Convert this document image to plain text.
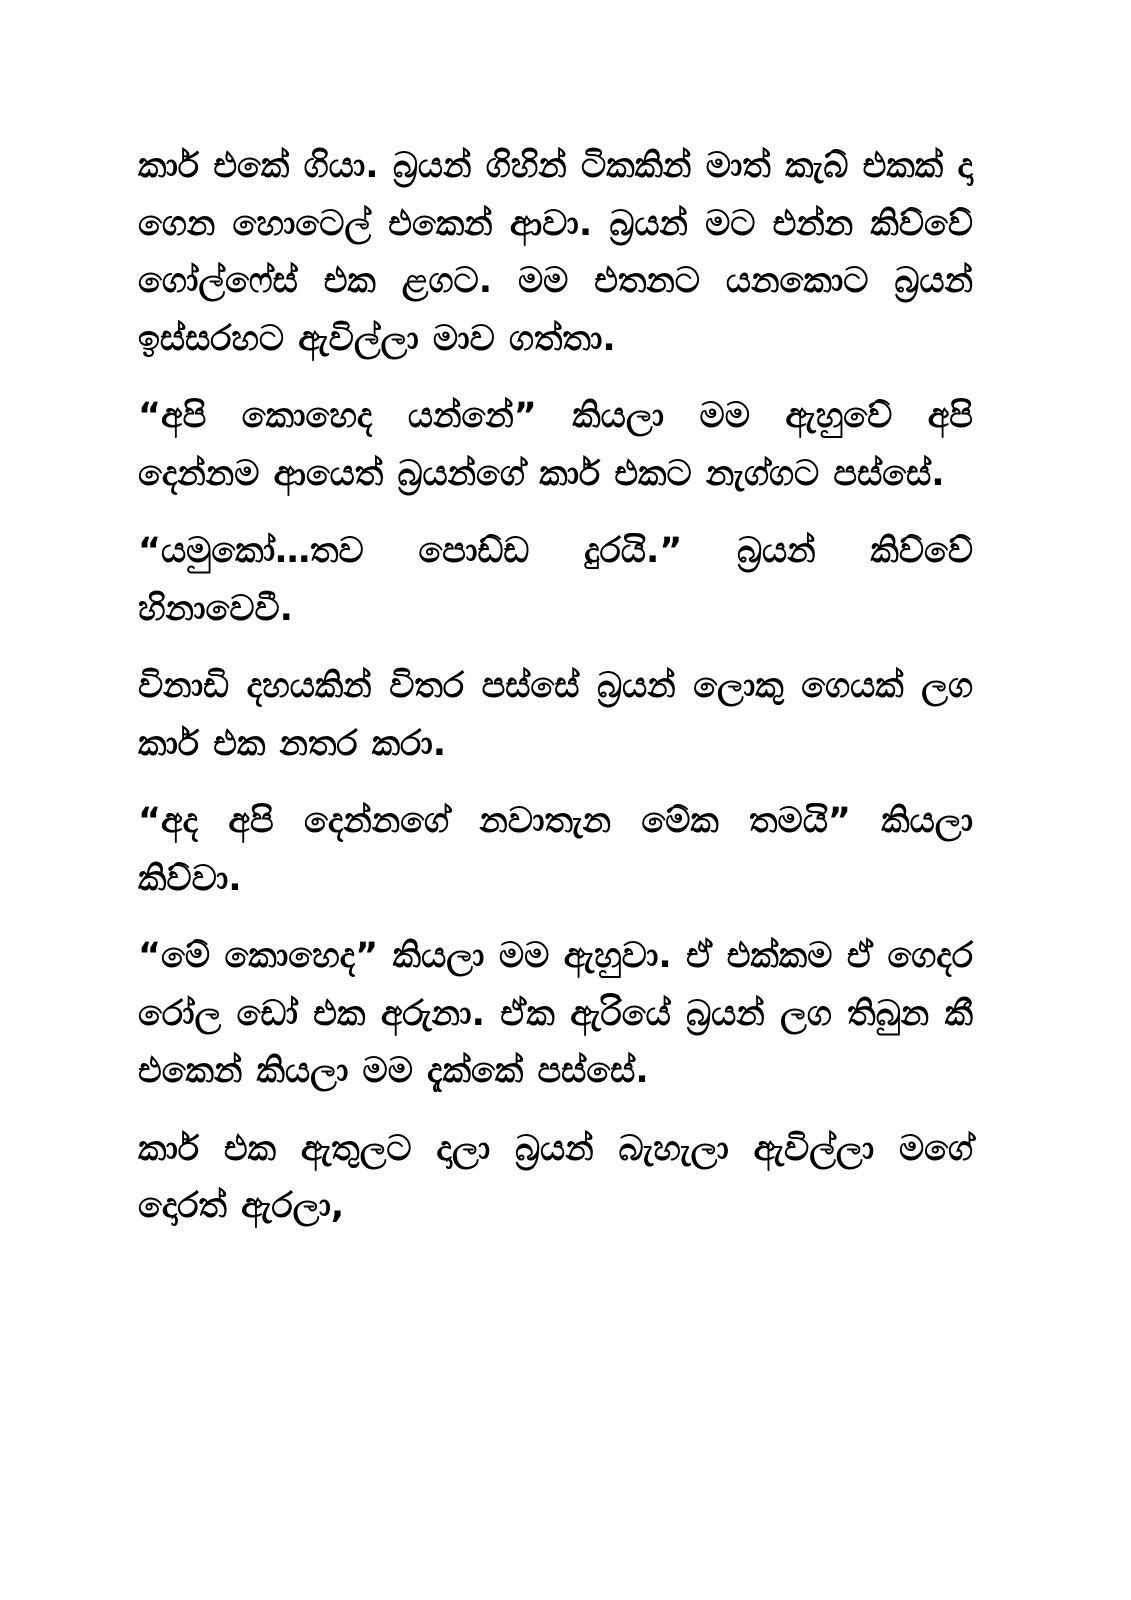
කාර් එකේ ගියා. බ්‍රයන් ගිහින් ටිකකින් මාත් කැබ් එකක් දා ගෙන හොටෙල් එකෙන් ආවා. බ්‍රයන් මට එන්න කිව්වේ ගෝල්ෆේස් එක ළගට. මම එතනට යනකොට බ්‍රයන් ඉස්සරහට ඇවිල්ලා මාව ගත්තා.

“අපි කොහෙද යන්නේ” කියලා මම ඇහුවේ අපි දෙන්නම ආයෙත් බ්‍රයන්ගේ කාර් එකට නැග්ගට පස්සේ.

“යමුකෝ…තව පොඩ්ඩ දුරයි.” බ්‍රයන් කිව්වේ හිනාවෙවී.

විනාඩි දහයකින් විතර පස්සේ බ්‍රයන් ලොකු ගෙයක් ලග කාර් එක නතර කරා.

“අද අපි දෙන්නගේ නවාතැන මේක තමයි” කියලා කිව්වා.

“මේ කොහෙද” කියලා මම ඇහුවා. ඒ එක්කම ඒ ගෙදර රෝල ඩෝ එක අරුනා. ඒක ඇරියේ බ්‍රයන් ලග තිබුන කී එකෙන් කියලා මම දැක්කේ පස්සේ.

කාර් එක ඇතුලට දාලා බ්‍රයන් බැහැලා ඇවිල්ලා මගේ දොරත් ඇරලා,
